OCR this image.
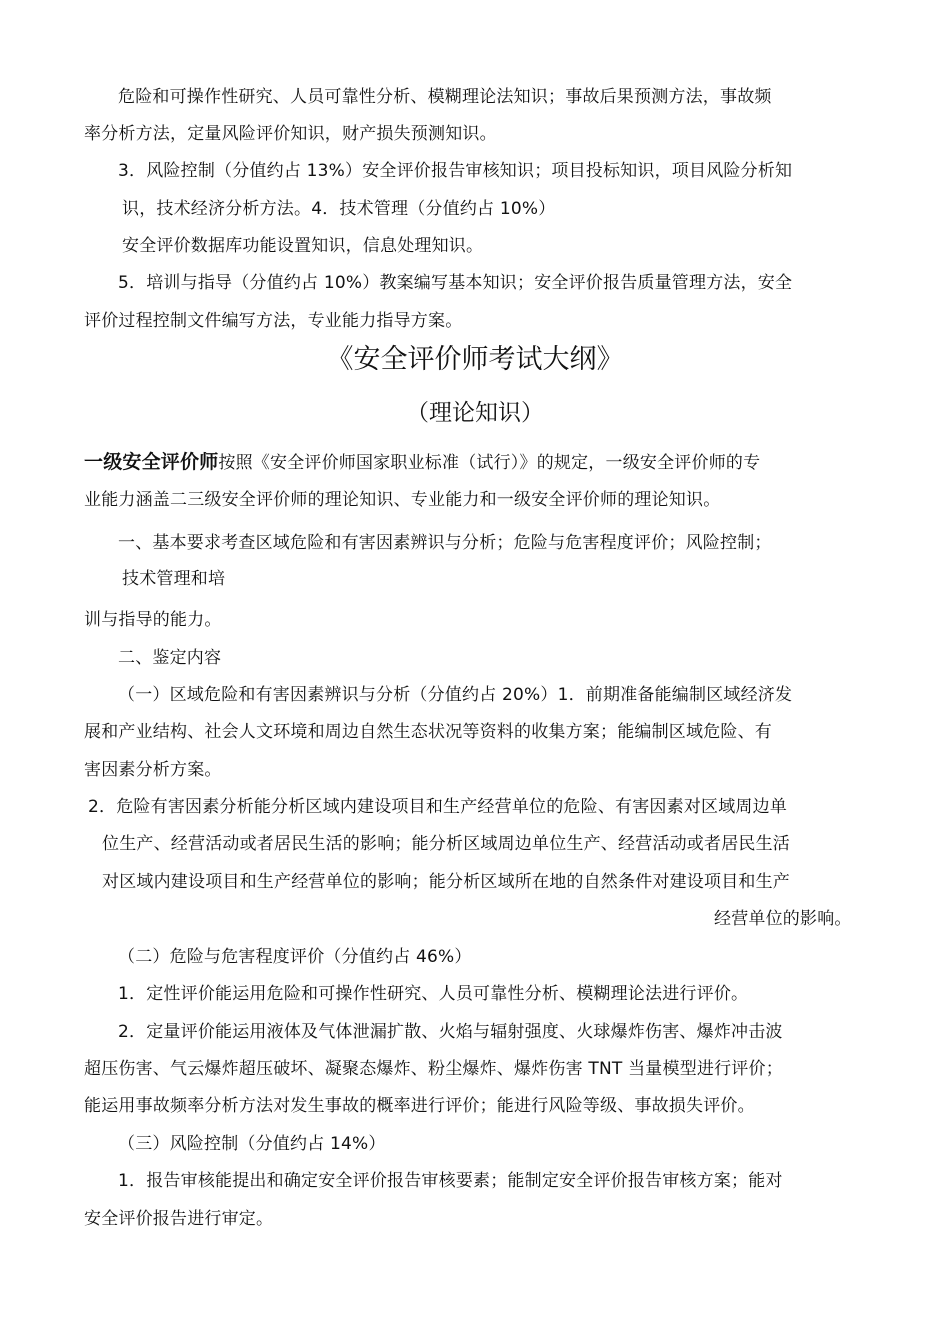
危险和可操作性研究、人员可靠性分析、模糊理论法知识；事故后果预测方法，事故频
率分析方法，定量风险评价知识，财产损失预测知识。
3．风险控制（分值约占 13%）安全评价报告审核知识；项目投标知识，项目风险分析知
识，技术经济分析方法。4．技术管理（分值约占 10%）
安全评价数据库功能设置知识，信息处理知识。
5．培训与指导（分值约占 10%）教案编写基本知识；安全评价报告质量管理方法，安全
评价过程控制文件编写方法，专业能力指导方案。
《安全评价师考试大纲》
（理论知识）
一级安全评价师按照《安全评价师国家职业标准（试行）》的规定，一级安全评价师的专
业能力涵盖二三级安全评价师的理论知识、专业能力和一级安全评价师的理论知识。
一、基本要求考查区域危险和有害因素辨识与分析；危险与危害程度评价；风险控制；
技术管理和培
训与指导的能力。
二、鉴定内容
（一）区域危险和有害因素辨识与分析（分值约占 20%）1．前期准备能编制区域经济发
展和产业结构、社会人文环境和周边自然生态状况等资料的收集方案；能编制区域危险、有
害因素分析方案。
2．危险有害因素分析能分析区域内建设项目和生产经营单位的危险、有害因素对区域周边单
位生产、经营活动或者居民生活的影响；能分析区域周边单位生产、经营活动或者居民生活
对区域内建设项目和生产经营单位的影响；能分析区域所在地的自然条件对建设项目和生产
经营单位的影响。
（二）危险与危害程度评价（分值约占 46%）
1．定性评价能运用危险和可操作性研究、人员可靠性分析、模糊理论法进行评价。
2．定量评价能运用液体及气体泄漏扩散、火焰与辐射强度、火球爆炸伤害、爆炸冲击波
超压伤害、气云爆炸超压破坏、凝聚态爆炸、粉尘爆炸、爆炸伤害 TNT 当量模型进行评价；
能运用事故频率分析方法对发生事故的概率进行评价；能进行风险等级、事故损失评价。
（三）风险控制（分值约占 14%）
1．报告审核能提出和确定安全评价报告审核要素；能制定安全评价报告审核方案；能对
安全评价报告进行审定。
